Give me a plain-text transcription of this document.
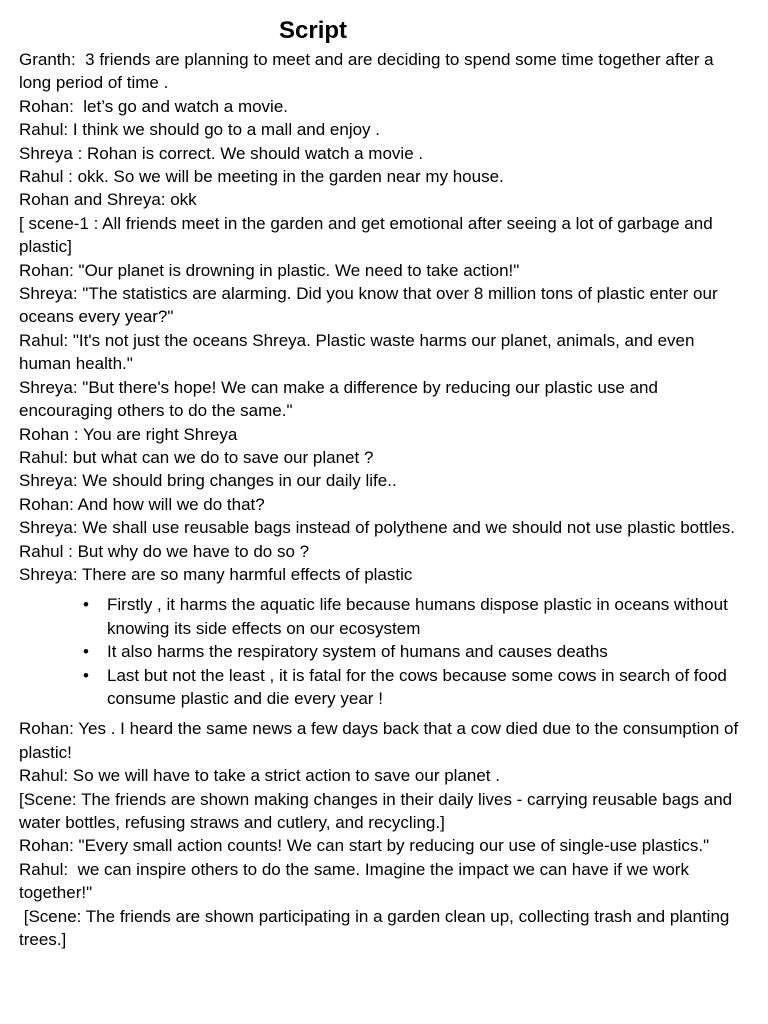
Script

Granth:  3 friends are planning to meet and are deciding to spend some time together after a long period of time .

Rohan:  let’s go and watch a movie.

Rahul: I think we should go to a mall and enjoy .

Shreya : Rohan is correct. We should watch a movie .

Rahul : okk. So we will be meeting in the garden near my house.

Rohan and Shreya: okk

[ scene-1 : All friends meet in the garden and get emotional after seeing a lot of garbage and plastic]

Rohan: "Our planet is drowning in plastic. We need to take action!"

Shreya: "The statistics are alarming. Did you know that over 8 million tons of plastic enter our oceans every year?"

Rahul: "It's not just the oceans Shreya. Plastic waste harms our planet, animals, and even human health."

Shreya: "But there's hope! We can make a difference by reducing our plastic use and encouraging others to do the same."

Rohan : You are right Shreya

Rahul: but what can we do to save our planet ?

Shreya: We should bring changes in our daily life..

Rohan: And how will we do that?

Shreya: We shall use reusable bags instead of polythene and we should not use plastic bottles.

Rahul : But why do we have to do so ?

Shreya: There are so many harmful effects of plastic

• Firstly , it harms the aquatic life because humans dispose plastic in oceans without knowing its side effects on our ecosystem
• It also harms the respiratory system of humans and causes deaths
• Last but not the least , it is fatal for the cows because some cows in search of food consume plastic and die every year !

Rohan: Yes . I heard the same news a few days back that a cow died due to the consumption of plastic!

Rahul: So we will have to take a strict action to save our planet .

[Scene: The friends are shown making changes in their daily lives - carrying reusable bags and water bottles, refusing straws and cutlery, and recycling.]

Rohan: "Every small action counts! We can start by reducing our use of single-use plastics."

Rahul:  we can inspire others to do the same. Imagine the impact we can have if we work together!"

[Scene: The friends are shown participating in a garden clean up, collecting trash and planting trees.]
